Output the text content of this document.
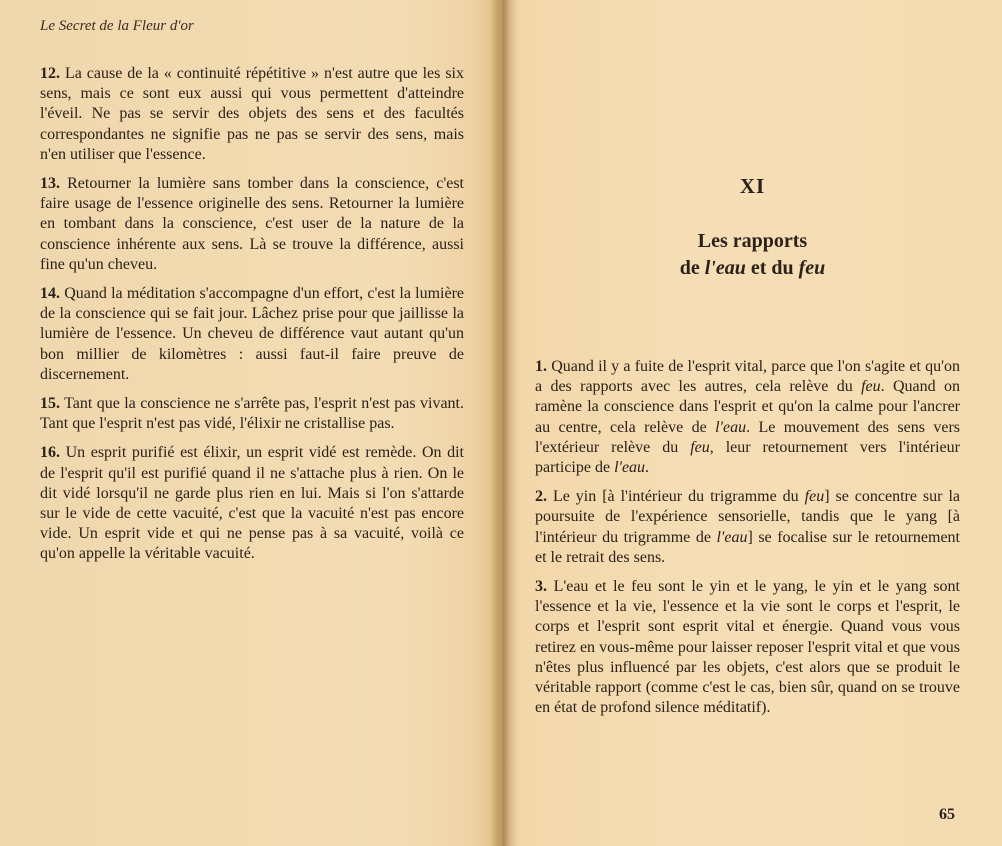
Le Secret de la Fleur d'or

12. La cause de la « continuité répétitive » n'est autre que les six sens, mais ce sont eux aussi qui vous permettent d'atteindre l'éveil. Ne pas se servir des objets des sens et des facultés correspondantes ne signifie pas ne pas se servir des sens, mais n'en utiliser que l'essence.

13. Retourner la lumière sans tomber dans la conscience, c'est faire usage de l'essence originelle des sens. Retourner la lumière en tombant dans la conscience, c'est user de la nature de la conscience inhérente aux sens. Là se trouve la différence, aussi fine qu'un cheveu.

14. Quand la méditation s'accompagne d'un effort, c'est la lumière de la conscience qui se fait jour. Lâchez prise pour que jaillisse la lumière de l'essence. Un cheveu de différence vaut autant qu'un bon millier de kilomètres : aussi faut-il faire preuve de discernement.

15. Tant que la conscience ne s'arrête pas, l'esprit n'est pas vivant. Tant que l'esprit n'est pas vidé, l'élixir ne cristallise pas.

16. Un esprit purifié est élixir, un esprit vidé est remède. On dit de l'esprit qu'il est purifié quand il ne s'attache plus à rien. On le dit vidé lorsqu'il ne garde plus rien en lui. Mais si l'on s'attarde sur le vide de cette vacuité, c'est que la vacuité n'est pas encore vide. Un esprit vide et qui ne pense pas à sa vacuité, voilà ce qu'on appelle la véritable vacuité.

XI
Les rapports
de l'eau et du feu

1. Quand il y a fuite de l'esprit vital, parce que l'on s'agite et qu'on a des rapports avec les autres, cela relève du feu. Quand on ramène la conscience dans l'esprit et qu'on la calme pour l'ancrer au centre, cela relève de l'eau. Le mouvement des sens vers l'extérieur relève du feu, leur retournement vers l'intérieur participe de l'eau.

2. Le yin [à l'intérieur du trigramme du feu] se concentre sur la poursuite de l'expérience sensorielle, tandis que le yang [à l'intérieur du trigramme de l'eau] se focalise sur le retournement et le retrait des sens.

3. L'eau et le feu sont le yin et le yang, le yin et le yang sont l'essence et la vie, l'essence et la vie sont le corps et l'esprit, le corps et l'esprit sont esprit vital et énergie. Quand vous vous retirez en vous-même pour laisser reposer l'esprit vital et que vous n'êtes plus influencé par les objets, c'est alors que se produit le véritable rapport (comme c'est le cas, bien sûr, quand on se trouve en état de profond silence méditatif).

65
